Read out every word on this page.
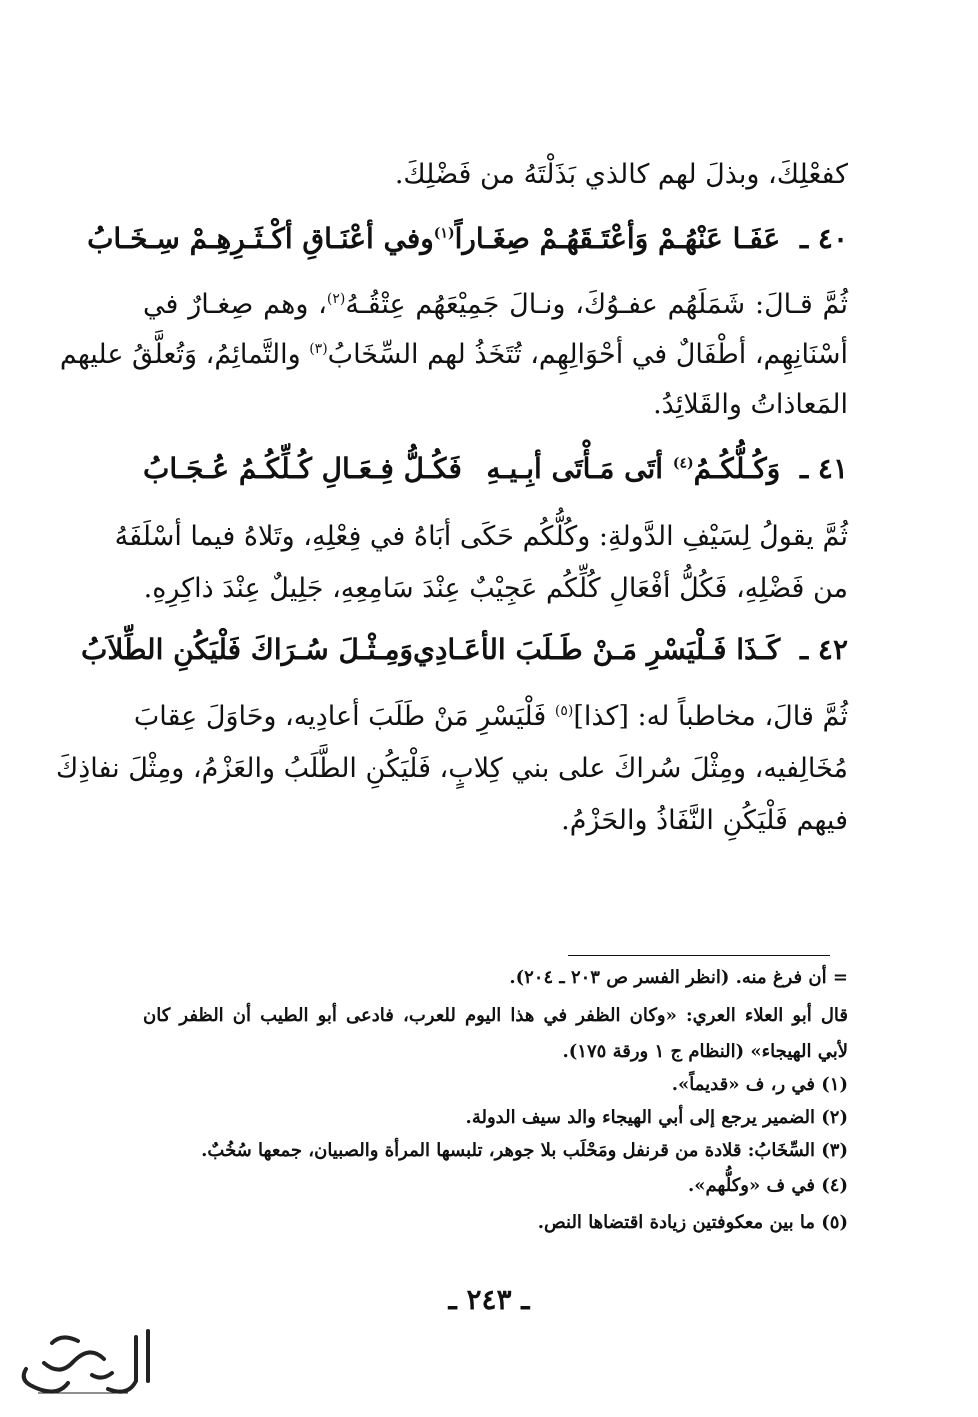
كفعْلِكَ، وبذلَ لهم كالذي بَذَلْتَهُ من فَضْلِكَ.
٤٠ ـ عَفَـا عَنْهُـمْ وَأعْتَـقَهُـمْ صِغَـاراً$^{(١)}$
وفي أعْنَـاقِ أكْـثَـرِهِـمْ سِـخَـابُ
ثُمَّ قـالَ: شَمَلَهُم عفـوُكَ، ونـالَ جَمِيْعَهُم عِتْقُـهُ$^{(٢)}$، وهم صِغـارٌ في
أسْنَانِهِم، أطْفَالٌ في أحْوَالِهِم، تُتَخَذُ لهم السِّخَابُ$^{(٣)}$ والتَّمائِمُ، وَتُعلَّقُ عليهم
المَعاذاتُ والقَلائِدُ.
٤١ ـ وَكُـلُّكُـمُ$^{(٤)}$ أتَى مَـأْتَى أبِـيـهِ
فَكُـلُّ فِـعَـالِ كُـلِّكُـمُ عُـجَـابُ
ثُمَّ يقولُ لِسَيْفِ الدَّولةِ: وكُلُّكُم حَكَى أبَاهُ في فِعْلِهِ، وتَلاهُ فيما أسْلَفَهُ
من فَضْلِهِ، فَكُلُّ أفْعَالِ كُلِّكُم عَجِيْبٌ عِنْدَ سَامِعِهِ، جَلِيلٌ عِنْدَ ذاكِرِهِ.
٤٢ ـ كَـذَا فَـلْيَسْرِ مَـنْ طَـلَبَ الأعَـادِي
وَمِـثْـلَ سُـرَاكَ فَلْيَكُنِ الطِّلاَبُ
ثُمَّ قالَ، مخاطباً له: [كذا]$^{(٥)}$ فَلْيَسْرِ مَنْ طَلَبَ أعادِيه، وحَاوَلَ عِقابَ
مُخَالِفيه، ومِثْلَ سُراكَ على بني كِلابٍ، فَلْيَكُنِ الطَّلَبُ والعَزْمُ، ومِثْلَ نفاذِكَ
فيهم فَلْيَكُنِ النَّفَاذُ والحَزْمُ.
= أن فرغ منه. (انظر الفسر ص ٢٠٣ ـ ٢٠٤).
قال أبو العلاء العري: «وكان الظفر في هذا اليوم للعرب، فادعى أبو الطيب أن الظفر كان
لأبي الهيجاء» (النظام ج ١ ورقة ١٧٥).
(١) في ر، ف «قديماً».
(٢) الضمير يرجع إلى أبي الهيجاء والد سيف الدولة.
(٣) السِّخَابُ: قلادة من قرنفل ومَحْلَب بلا جوهر، تلبسها المرأة والصبيان، جمعها سُخُبٌ.
(٤) في ف «وكلُّهم».
(٥) ما بين معكوفتين زيادة اقتضاها النص.
ـ ٢٤٣ ـ
